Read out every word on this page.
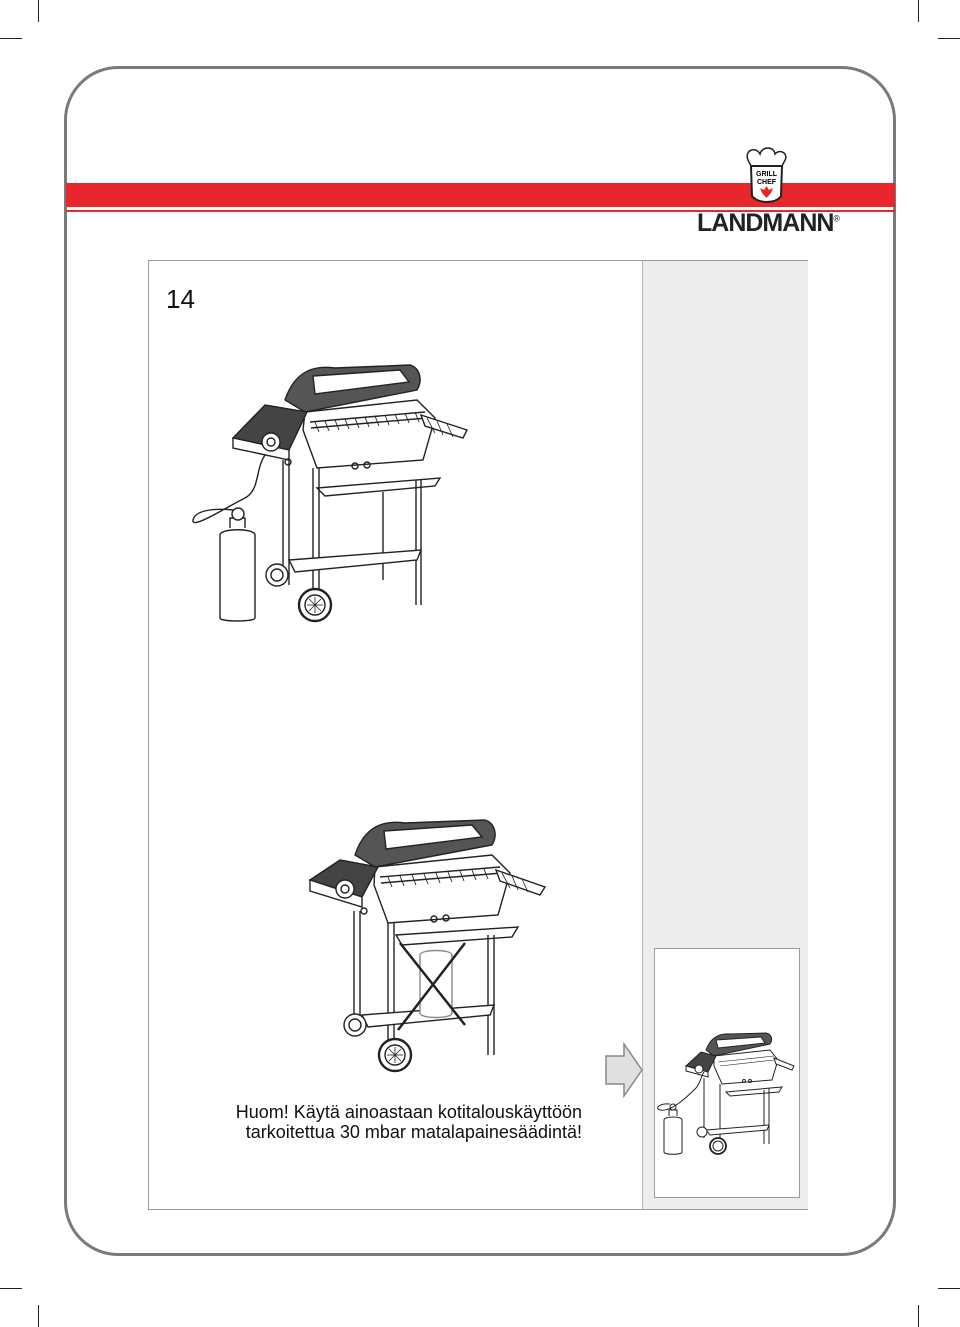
GRILL
CHEF
LANDMANN®
14
Huom! Käytä ainoastaan kotitalouskäyttöön
tarkoitettua 30 mbar matalapainesäädintä!
